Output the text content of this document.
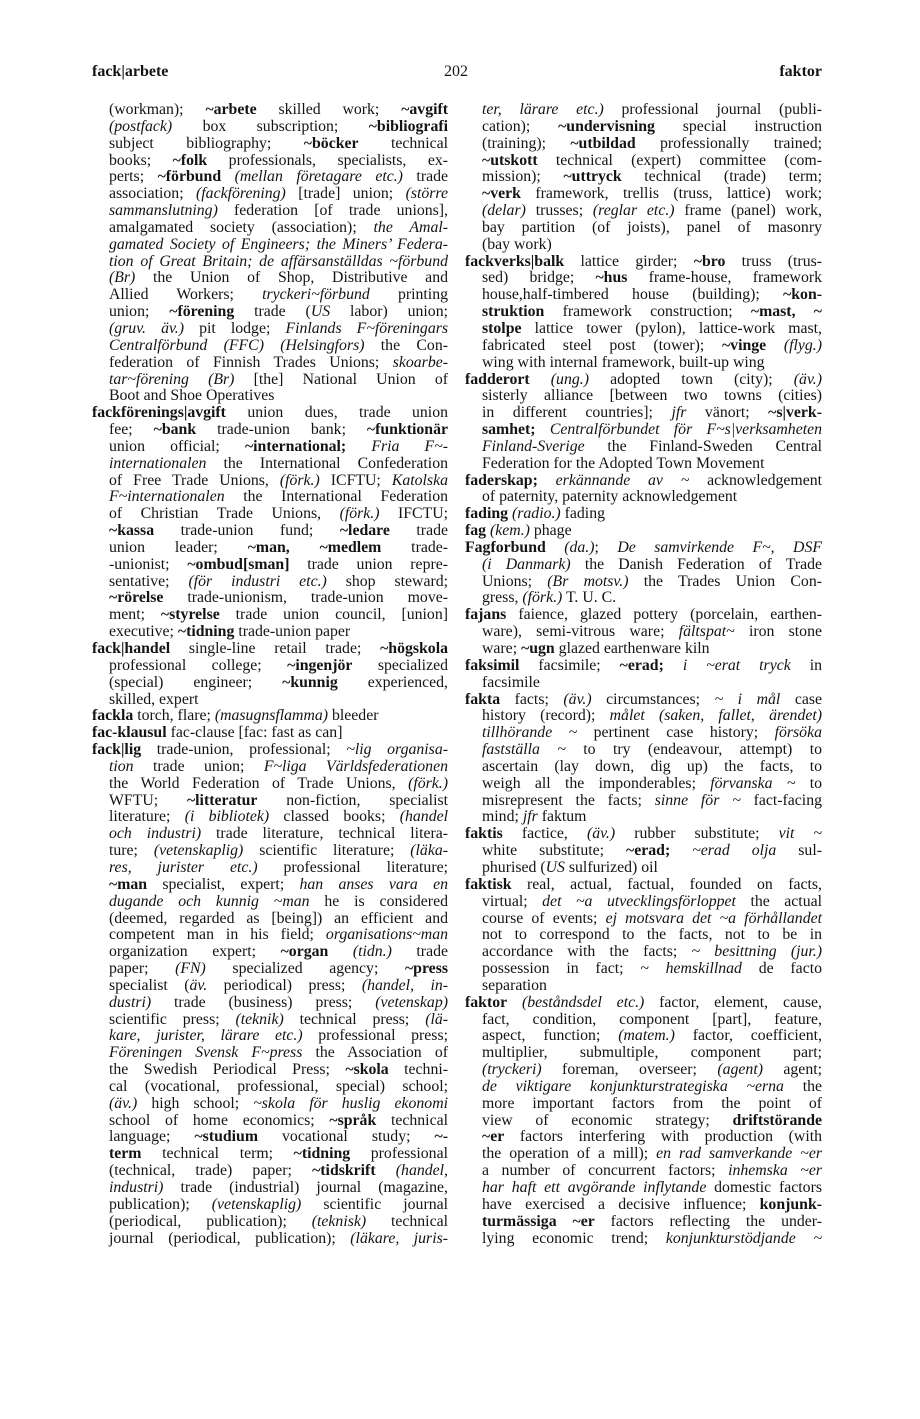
fack|arbete	202	faktor
(workman); ~arbete skilled work; ~avgift
(postfack) box subscription; ~bibliografi
subject bibliography; ~böcker technical
books; ~folk professionals, specialists, ex-
perts; ~förbund (mellan företagare etc.) trade
association; (fackförening) [trade] union; (större
sammanslutning) federation [of trade unions],
amalgamated society (association); the Amal-
gamated Society of Engineers; the Miners’ Federa-
tion of Great Britain; de affärsanställdas ~förbund
(Br) the Union of Shop, Distributive and
Allied Workers; tryckeri~förbund printing
union; ~förening trade (US labor) union;
(gruv. äv.) pit lodge; Finlands F~föreningars
Centralförbund (FFC) (Helsingfors) the Con-
federation of Finnish Trades Unions; skoarbe-
tar~förening (Br) [the] National Union of
Boot and Shoe Operatives
fackförenings|avgift union dues, trade union
fee; ~bank trade-union bank; ~funktionär
union official; ~international; Fria F~-
internationalen the International Confederation
of Free Trade Unions, (förk.) ICFTU; Katolska
F~internationalen the International Federation
of Christian Trade Unions, (förk.) IFCTU;
~kassa trade-union fund; ~ledare trade
union leader; ~man, ~medlem trade-
-unionist; ~ombud[sman] trade union repre-
sentative; (för industri etc.) shop steward;
~rörelse trade-unionism, trade-union move-
ment; ~styrelse trade union council, [union]
executive; ~tidning trade-union paper
fack|handel single-line retail trade; ~högskola
professional college; ~ingenjör specialized
(special) engineer; ~kunnig experienced,
skilled, expert
fackla torch, flare; (masugnsflamma) bleeder
fac-klausul fac-clause [fac: fast as can]
fack|lig trade-union, professional; ~lig organisa-
tion trade union; F~liga Världsfederationen
the World Federation of Trade Unions, (förk.)
WFTU; ~litteratur non-fiction, specialist
literature; (i bibliotek) classed books; (handel
och industri) trade literature, technical litera-
ture; (vetenskaplig) scientific literature; (läka-
res, jurister etc.) professional literature;
~man specialist, expert; han anses vara en
dugande och kunnig ~man he is considered
(deemed, regarded as [being]) an efficient and
competent man in his field; organisations~man
organization expert; ~organ (tidn.) trade
paper; (FN) specialized agency; ~press
specialist (äv. periodical) press; (handel, in-
dustri) trade (business) press; (vetenskap)
scientific press; (teknik) technical press; (lä-
kare, jurister, lärare etc.) professional press;
Föreningen Svensk F~press the Association of
the Swedish Periodical Press; ~skola techni-
cal (vocational, professional, special) school;
(äv.) high school; ~skola för huslig ekonomi
school of home economics; ~språk technical
language; ~studium vocational study; ~-
term technical term; ~tidning professional
(technical, trade) paper; ~tidskrift (handel,
industri) trade (industrial) journal (magazine,
publication); (vetenskaplig) scientific journal
(periodical, publication); (teknisk) technical
journal (periodical, publication); (läkare, juris-
ter, lärare etc.) professional journal (publi-
cation); ~undervisning special instruction
(training); ~utbildad professionally trained;
~utskott technical (expert) committee (com-
mission); ~uttryck technical (trade) term;
~verk framework, trellis (truss, lattice) work;
(delar) trusses; (reglar etc.) frame (panel) work,
bay partition (of joists), panel of masonry
(bay work)
fackverks|balk lattice girder; ~bro truss (trus-
sed) bridge; ~hus frame-house, framework
house,half-timbered house (building); ~kon-
struktion framework construction; ~mast, ~
stolpe lattice tower (pylon), lattice-work mast,
fabricated steel post (tower); ~vinge (flyg.)
wing with internal framework, built-up wing
fadderort (ung.) adopted town (city); (äv.)
sisterly alliance [between two towns (cities)
in different countries]; jfr vänort; ~s|verk-
samhet; Centralförbundet för F~s|verksamheten
Finland-Sverige the Finland-Sweden Central
Federation for the Adopted Town Movement
faderskap; erkännande av ~ acknowledgement
of paternity, paternity acknowledgement
fading (radio.) fading
fag (kem.) phage
Fagforbund (da.); De samvirkende F~, DSF
(i Danmark) the Danish Federation of Trade
Unions; (Br motsv.) the Trades Union Con-
gress, (förk.) T. U. C.
fajans faience, glazed pottery (porcelain, earthen-
ware), semi-vitrous ware; fältspat~ iron stone
ware; ~ugn glazed earthenware kiln
faksimil facsimile; ~erad; i ~erat tryck in
facsimile
fakta facts; (äv.) circumstances; ~ i mål case
history (record); målet (saken, fallet, ärendet)
tillhörande ~ pertinent case history; försöka
fastställa ~ to try (endeavour, attempt) to
ascertain (lay down, dig up) the facts, to
weigh all the imponderables; förvanska ~ to
misrepresent the facts; sinne för ~ fact-facing
mind; jfr faktum
faktis factice, (äv.) rubber substitute; vit ~
white substitute; ~erad; ~erad olja sul-
phurised (US sulfurized) oil
faktisk real, actual, factual, founded on facts,
virtual; det ~a utvecklingsförloppet the actual
course of events; ej motsvara det ~a förhållandet
not to correspond to the facts, not to be in
accordance with the facts; ~ besittning (jur.)
possession in fact; ~ hemskillnad de facto
separation
faktor (beståndsdel etc.) factor, element, cause,
fact, condition, component [part], feature,
aspect, function; (matem.) factor, coefficient,
multiplier, submultiple, component part;
(tryckeri) foreman, overseer; (agent) agent;
de viktigare konjunkturstrategiska ~erna the
more important factors from the point of
view of economic strategy; driftstörande
~er factors interfering with production (with
the operation of a mill); en rad samverkande ~er
a number of concurrent factors; inhemska ~er
har haft ett avgörande inflytande domestic factors
have exercised a decisive influence; konjunk-
turmässiga ~er factors reflecting the under-
lying economic trend; konjunkturstödjande ~
